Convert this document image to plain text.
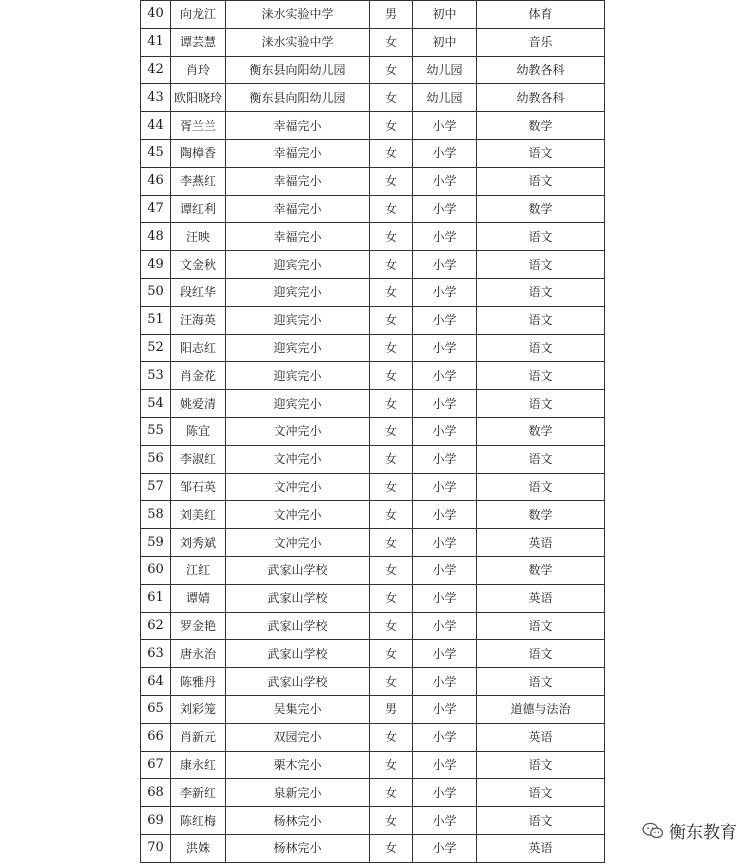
40	向龙江	涞水实验中学	男	初中	体育
41	谭芸慧	涞水实验中学	女	初中	音乐
42	肖玲	衡东县向阳幼儿园	女	幼儿园	幼教各科
43	欧阳晓玲	衡东县向阳幼儿园	女	幼儿园	幼教各科
44	胥兰兰	幸福完小	女	小学	数学
45	陶樟香	幸福完小	女	小学	语文
46	李燕红	幸福完小	女	小学	语文
47	谭红利	幸福完小	女	小学	数学
48	汪映	幸福完小	女	小学	语文
49	文金秋	迎宾完小	女	小学	语文
50	段红华	迎宾完小	女	小学	语文
51	汪海英	迎宾完小	女	小学	语文
52	阳志红	迎宾完小	女	小学	语文
53	肖金花	迎宾完小	女	小学	语文
54	姚爱清	迎宾完小	女	小学	语文
55	陈宜	文冲完小	女	小学	数学
56	李淑红	文冲完小	女	小学	语文
57	邹石英	文冲完小	女	小学	语文
58	刘美红	文冲完小	女	小学	数学
59	刘秀斌	文冲完小	女	小学	英语
60	江红	武家山学校	女	小学	数学
61	谭婧	武家山学校	女	小学	英语
62	罗金艳	武家山学校	女	小学	语文
63	唐永治	武家山学校	女	小学	语文
64	陈雅丹	武家山学校	女	小学	语文
65	刘彩笼	吴集完小	男	小学	道德与法治
66	肖新元	双园完小	女	小学	英语
67	康永红	栗木完小	女	小学	语文
68	李新红	泉新完小	女	小学	语文
69	陈红梅	杨林完小	女	小学	语文
70	洪姝	杨林完小	女	小学	英语
衡东教育
